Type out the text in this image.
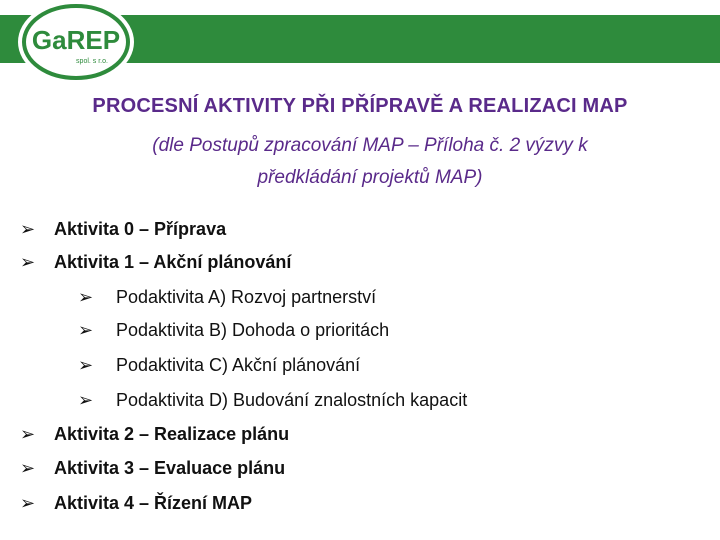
GaREP
spol. s r.o.
PROCESNÍ AKTIVITY PŘI PŘÍPRAVĚ A REALIZACI MAP
(dle Postupů zpracování MAP – Příloha č. 2 výzvy k
předkládání projektů MAP)
➢ Aktivita 0 – Příprava
➢ Aktivita 1 – Akční plánování
➢ Podaktivita A) Rozvoj partnerství
➢ Podaktivita B) Dohoda o prioritách
➢ Podaktivita C) Akční plánování
➢ Podaktivita D) Budování znalostních kapacit
➢ Aktivita 2 – Realizace plánu
➢ Aktivita 3 – Evaluace plánu
➢ Aktivita 4 – Řízení MAP
